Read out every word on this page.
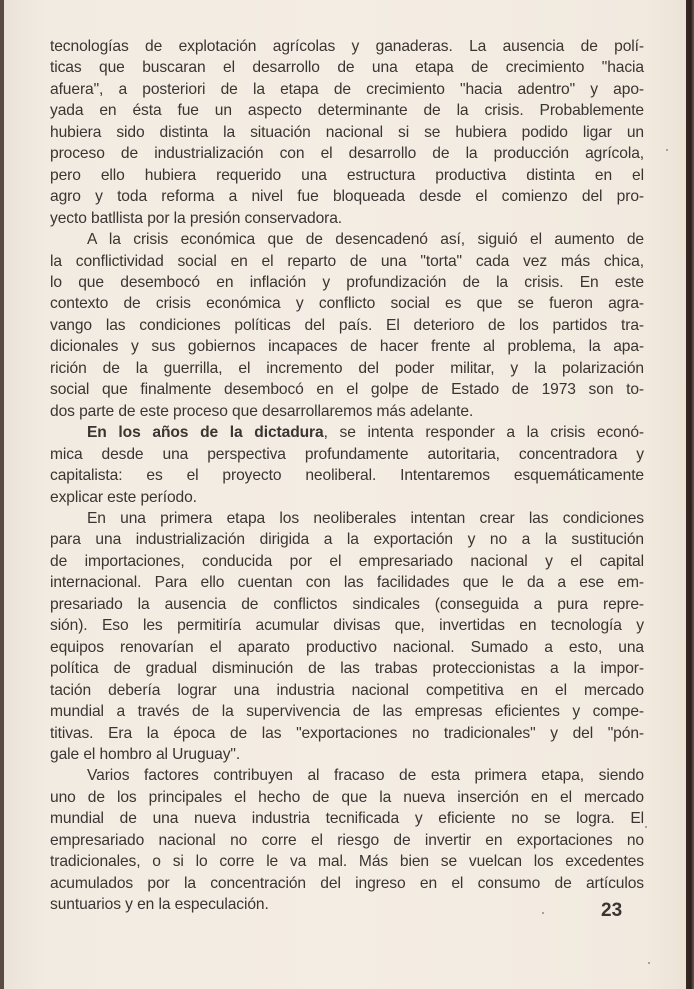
tecnologías de explotación agrícolas y ganaderas. La ausencia de polí-
ticas que buscaran el desarrollo de una etapa de crecimiento "hacia
afuera", a posteriori de la etapa de crecimiento "hacia adentro" y apo-
yada en ésta fue un aspecto determinante de la crisis. Probablemente
hubiera sido distinta la situación nacional si se hubiera podido ligar un
proceso de industrialización con el desarrollo de la producción agrícola,
pero ello hubiera requerido una estructura productiva distinta en el
agro y toda reforma a nivel fue bloqueada desde el comienzo del pro-
yecto batllista por la presión conservadora.
A la crisis económica que de desencadenó así, siguió el aumento de
la conflictividad social en el reparto de una "torta" cada vez más chica,
lo que desembocó en inflación y profundización de la crisis. En este
contexto de crisis económica y conflicto social es que se fueron agra-
vango las condiciones políticas del país. El deterioro de los partidos tra-
dicionales y sus gobiernos incapaces de hacer frente al problema, la apa-
rición de la guerrilla, el incremento del poder militar, y la polarización
social que finalmente desembocó en el golpe de Estado de 1973 son to-
dos parte de este proceso que desarrollaremos más adelante.
En los años de la dictadura, se intenta responder a la crisis econó-
mica desde una perspectiva profundamente autoritaria, concentradora y
capitalista: es el proyecto neoliberal. Intentaremos esquemáticamente
explicar este período.
En una primera etapa los neoliberales intentan crear las condiciones
para una industrialización dirigida a la exportación y no a la sustitución
de importaciones, conducida por el empresariado nacional y el capital
internacional. Para ello cuentan con las facilidades que le da a ese em-
presariado la ausencia de conflictos sindicales (conseguida a pura repre-
sión). Eso les permitiría acumular divisas que, invertidas en tecnología y
equipos renovarían el aparato productivo nacional. Sumado a esto, una
política de gradual disminución de las trabas proteccionistas a la impor-
tación debería lograr una industria nacional competitiva en el mercado
mundial a través de la supervivencia de las empresas eficientes y compe-
titivas. Era la época de las "exportaciones no tradicionales" y del "pón-
gale el hombro al Uruguay".
Varios factores contribuyen al fracaso de esta primera etapa, siendo
uno de los principales el hecho de que la nueva inserción en el mercado
mundial de una nueva industria tecnificada y eficiente no se logra. El
empresariado nacional no corre el riesgo de invertir en exportaciones no
tradicionales, o si lo corre le va mal. Más bien se vuelcan los excedentes
acumulados por la concentración del ingreso en el consumo de artículos
suntuarios y en la especulación.	23
